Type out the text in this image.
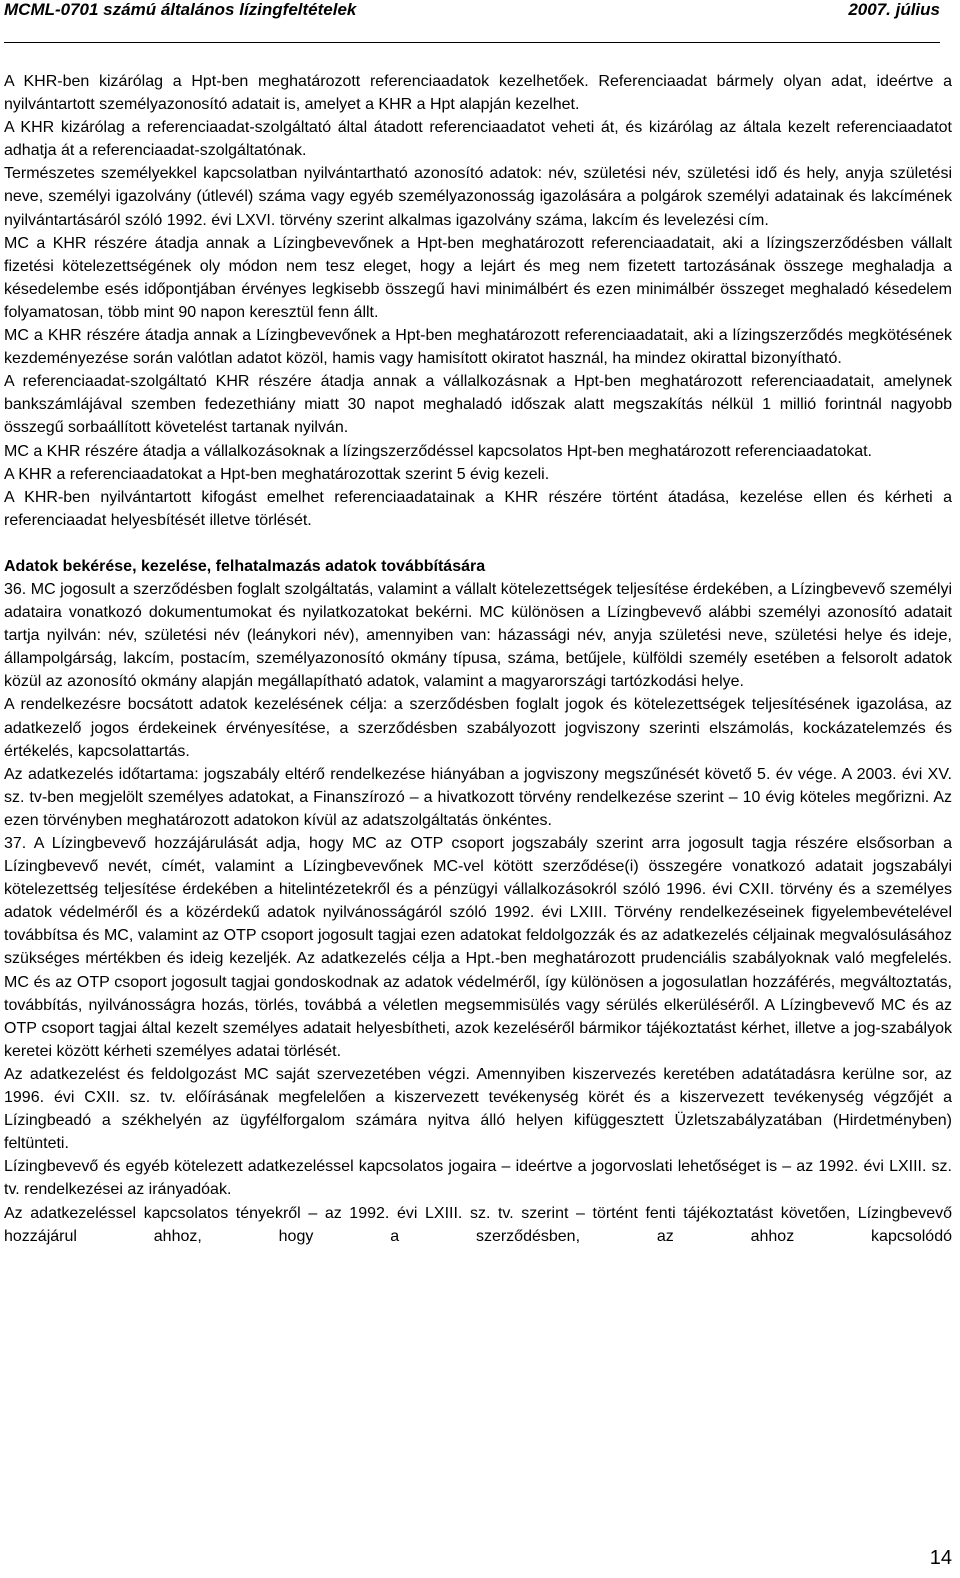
MCML-0701 számú általános lízingfeltételek	2007. július

A KHR-ben kizárólag a Hpt-ben meghatározott referenciaadatok kezelhetőek. Referenciaadat bármely olyan adat, ideértve a nyilvántartott személyazonosító adatait is, amelyet a KHR a Hpt alapján kezelhet.

A KHR kizárólag a referenciaadat-szolgáltató által átadott referenciaadatot veheti át, és kizárólag az általa kezelt referenciaadatot adhatja át a referenciaadat-szolgáltatónak.

Természetes személyekkel kapcsolatban nyilvántartható azonosító adatok: név, születési név, születési idő és hely, anyja születési neve, személyi igazolvány (útlevél) száma vagy egyéb személyazonosság igazolására a polgárok személyi adatainak és lakcímének nyilvántartásáról szóló 1992. évi LXVI. törvény szerint alkalmas igazolvány száma, lakcím és levelezési cím.

MC a KHR részére átadja annak a Lízingbevevőnek a Hpt-ben meghatározott referenciaadatait, aki a lízingszerződésben vállalt fizetési kötelezettségének oly módon nem tesz eleget, hogy a lejárt és meg nem fizetett tartozásának összege meghaladja a késedelembe esés időpontjában érvényes legkisebb összegű havi minimálbért és ezen minimálbér összeget meghaladó késedelem folyamatosan, több mint 90 napon keresztül fenn állt.

MC a KHR részére átadja annak a Lízingbevevőnek a Hpt-ben meghatározott referenciaadatait, aki a lízingszerződés megkötésének kezdeményezése során valótlan adatot közöl, hamis vagy hamisított okiratot használ, ha mindez okirattal bizonyítható.

A referenciaadat-szolgáltató KHR részére átadja annak a vállalkozásnak a Hpt-ben meghatározott referenciaadatait, amelynek bankszámlájával szemben fedezethiány miatt 30 napot meghaladó időszak alatt megszakítás nélkül 1 millió forintnál nagyobb összegű sorbaállított követelést tartanak nyilván.

MC a KHR részére átadja a vállalkozásoknak a lízingszerződéssel kapcsolatos Hpt-ben meghatározott referenciaadatokat.

A KHR a referenciaadatokat a Hpt-ben meghatározottak szerint 5 évig kezeli.

A KHR-ben nyilvántartott kifogást emelhet referenciaadatainak a KHR részére történt átadása, kezelése ellen és kérheti a referenciaadat helyesbítését illetve törlését.

Adatok bekérése, kezelése, felhatalmazás adatok továbbítására

36. MC jogosult a szerződésben foglalt szolgáltatás, valamint a vállalt kötelezettségek teljesítése érdekében, a Lízingbevevő személyi adataira vonatkozó dokumentumokat és nyilatkozatokat bekérni. MC különösen a Lízingbevevő alábbi személyi azonosító adatait tartja nyilván: név, születési név (leánykori név), amennyiben van: házassági név, anyja születési neve, születési helye és ideje, állampolgárság, lakcím, postacím, személyazonosító okmány típusa, száma, betűjele, külföldi személy esetében a felsorolt adatok közül az azonosító okmány alapján megállapítható adatok, valamint a magyarországi tartózkodási helye.

A rendelkezésre bocsátott adatok kezelésének célja: a szerződésben foglalt jogok és kötelezettségek teljesítésének igazolása, az adatkezelő jogos érdekeinek érvényesítése, a szerződésben szabályozott jogviszony szerinti elszámolás, kockázatelemzés és értékelés, kapcsolattartás.

Az adatkezelés időtartama: jogszabály eltérő rendelkezése hiányában a jogviszony megszűnését követő 5. év vége. A 2003. évi XV. sz. tv-ben megjelölt személyes adatokat, a Finanszírozó – a hivatkozott törvény rendelkezése szerint – 10 évig köteles megőrizni. Az ezen törvényben meghatározott adatokon kívül az adatszolgáltatás önkéntes.

37. A Lízingbevevő hozzájárulását adja, hogy MC az OTP csoport jogszabály szerint arra jogosult tagja részére elsősorban a Lízingbevevő nevét, címét, valamint a Lízingbevevőnek MC-vel kötött szerződése(i) összegére vonatkozó adatait jogszabályi kötelezettség teljesítése érdekében a hitelintézetekről és a pénzügyi vállalkozásokról szóló 1996. évi CXII. törvény és a személyes adatok védelméről és a közérdekű adatok nyilvánosságáról szóló 1992. évi LXIII. Törvény rendelkezéseinek figyelembevételével továbbítsa és MC, valamint az OTP csoport jogosult tagjai ezen adatokat feldolgozzák és az adatkezelés céljainak megvalósulásához szükséges mértékben és ideig kezeljék. Az adatkezelés célja a Hpt.-ben meghatározott prudenciális szabályoknak való megfelelés. MC és az OTP csoport jogosult tagjai gondoskodnak az adatok védelméről, így különösen a jogosulatlan hozzáférés, megváltoztatás, továbbítás, nyilvánosságra hozás, törlés, továbbá a véletlen megsemmisülés vagy sérülés elkerüléséről. A Lízingbevevő MC és az OTP csoport tagjai által kezelt személyes adatait helyesbítheti, azok kezeléséről bármikor tájékoztatást kérhet, illetve a jog-szabályok keretei között kérheti személyes adatai törlését.

Az adatkezelést és feldolgozást MC saját szervezetében végzi. Amennyiben kiszervezés keretében adatátadásra kerülne sor, az 1996. évi CXII. sz. tv. előírásának megfelelően a kiszervezett tevékenység körét és a kiszervezett tevékenység végzőjét a Lízingbeadó a székhelyén az ügyfélforgalom számára nyitva álló helyen kifüggesztett Üzletszabályzatában (Hirdetményben) feltünteti.

Lízingbevevő és egyéb kötelezett adatkezeléssel kapcsolatos jogaira – ideértve a jogorvoslati lehetőséget is – az 1992. évi LXIII. sz. tv. rendelkezései az irányadóak.

Az adatkezeléssel kapcsolatos tényekről – az 1992. évi LXIII. sz. tv. szerint – történt fenti tájékoztatást követően, Lízingbevevő hozzájárul ahhoz, hogy a szerződésben, az ahhoz kapcsolódó

14
